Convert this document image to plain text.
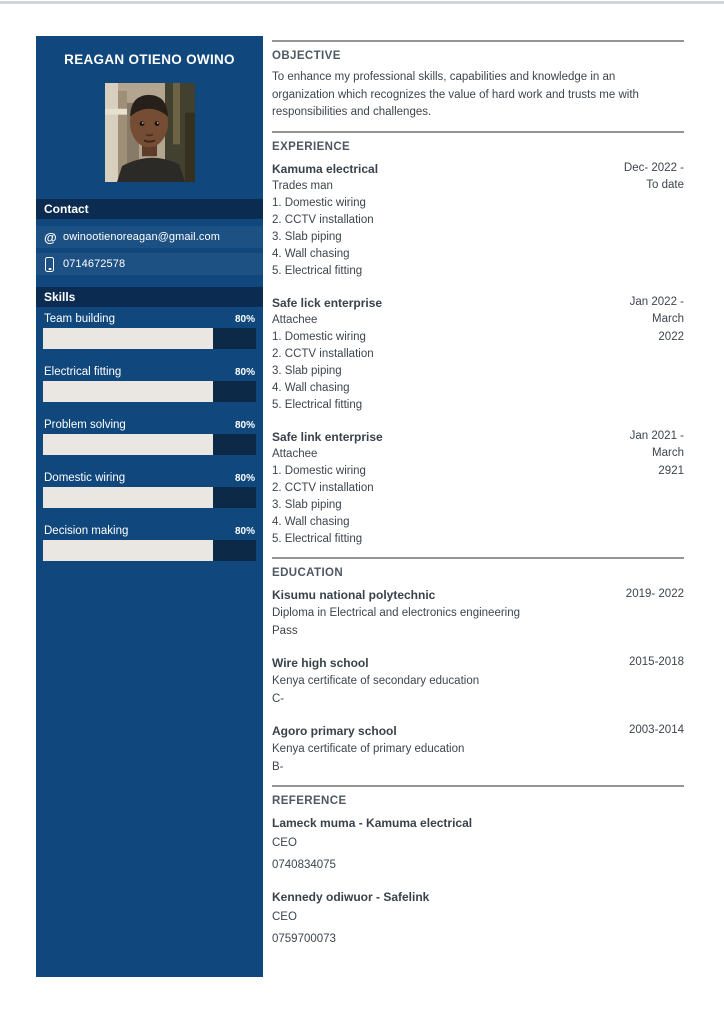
REAGAN OTIENO OWINO
Contact
@ owinootienoreagan@gmail.com
0714672578
Skills
Team building	80%
Electrical fitting	80%
Problem solving	80%
Domestic wiring	80%
Decision making	80%
OBJECTIVE
To enhance my professional skills, capabilities and knowledge in an organization which recognizes the value of hard work and trusts me with responsibilities and challenges.
EXPERIENCE
Kamuma electrical
Trades man
1. Domestic wiring
2. CCTV installation
3. Slab piping
4. Wall chasing
5. Electrical fitting
Dec- 2022 -
To date
Safe lick enterprise
Attachee
1. Domestic wiring
2. CCTV installation
3. Slab piping
4. Wall chasing
5. Electrical fitting
Jan 2022 -
March
2022
Safe link enterprise
Attachee
1. Domestic wiring
2. CCTV installation
3. Slab piping
4. Wall chasing
5. Electrical fitting
Jan 2021 -
March
2921
EDUCATION
Kisumu national polytechnic
Diploma in Electrical and electronics engineering
Pass
2019- 2022
Wire high school
Kenya certificate of secondary education
C-
2015-2018
Agoro primary school
Kenya certificate of primary education
B-
2003-2014
REFERENCE
Lameck muma - Kamuma electrical
CEO
0740834075
Kennedy odiwuor - Safelink
CEO
0759700073
